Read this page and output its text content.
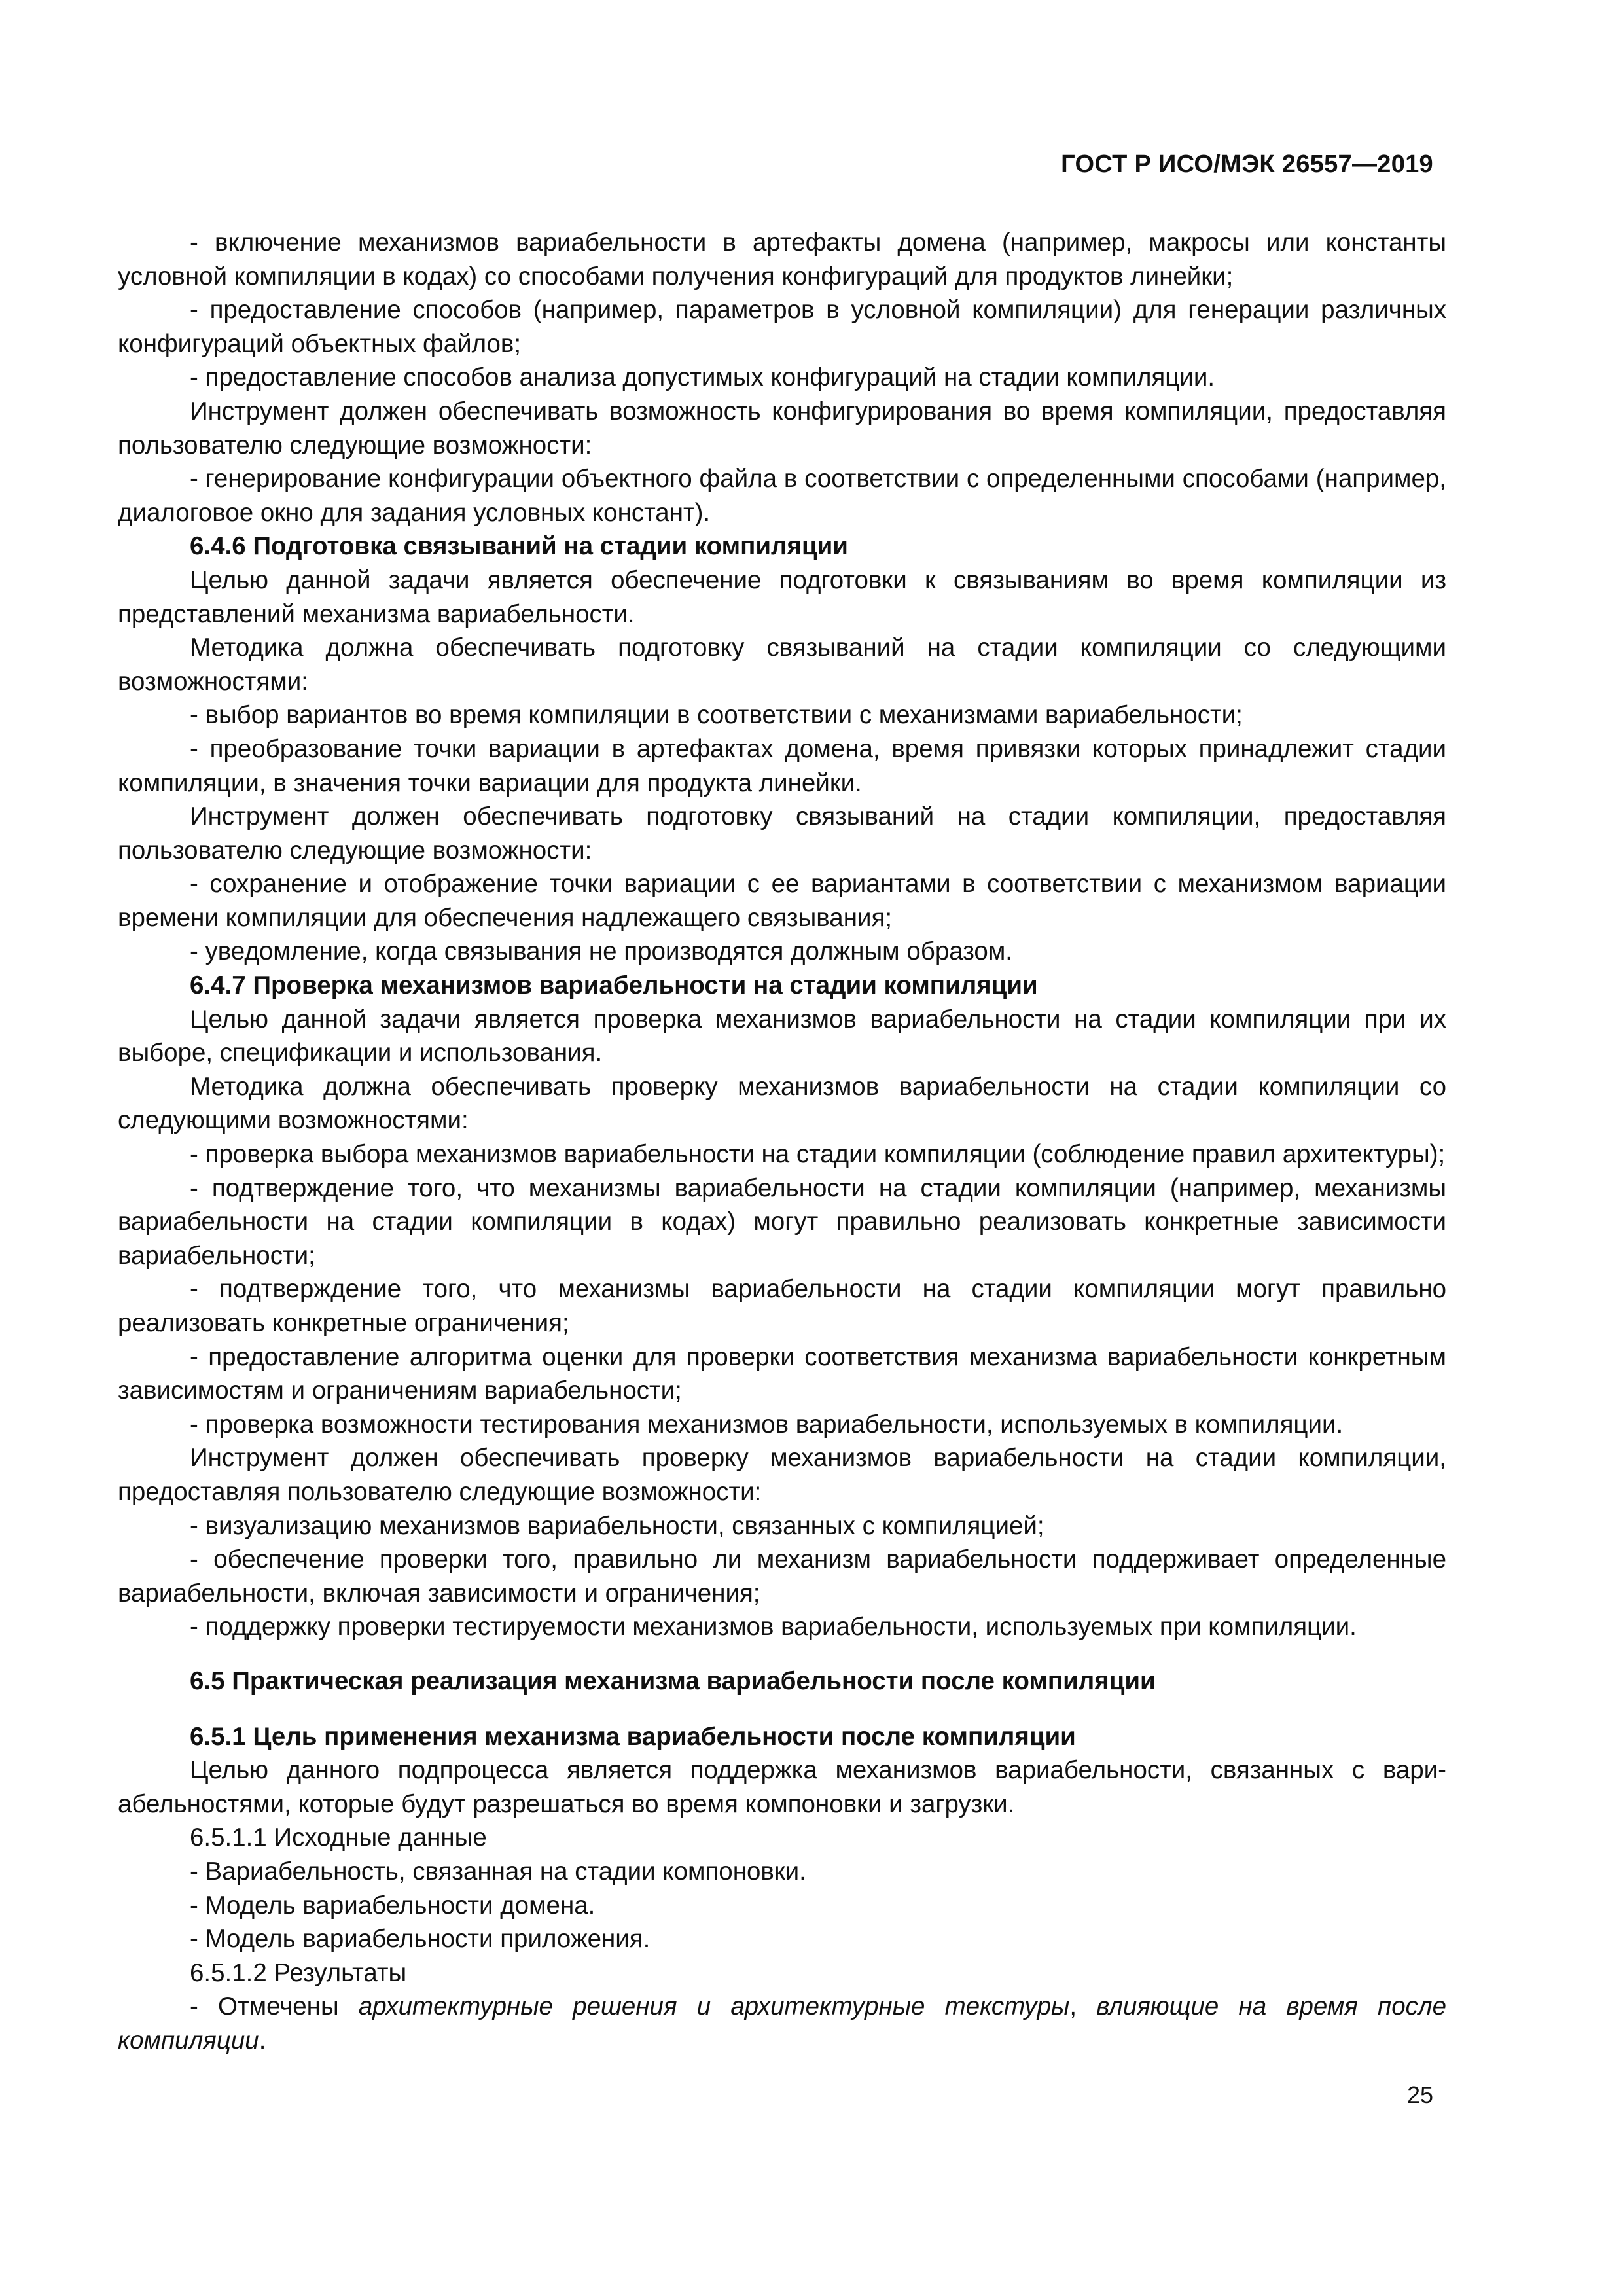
ГОСТ Р ИСО/МЭК 26557—2019

- включение механизмов вариабельности в артефакты домена (например, макросы или константы условной компиляции в кодах) со способами получения конфигураций для продуктов линейки;

- предоставление способов (например, параметров в условной компиляции) для генерации различных конфигураций объектных файлов;

- предоставление способов анализа допустимых конфигураций на стадии компиляции.

Инструмент должен обеспечивать возможность конфигурирования во время компиляции, предоставляя пользователю следующие возможности:

- генерирование конфигурации объектного файла в соответствии с определенными способами (например, диалоговое окно для задания условных констант).

6.4.6 Подготовка связываний на стадии компиляции

Целью данной задачи является обеспечение подготовки к связываниям во время компиляции из представлений механизма вариабельности.

Методика должна обеспечивать подготовку связываний на стадии компиляции со следующими возможностями:

- выбор вариантов во время компиляции в соответствии с механизмами вариабельности;

- преобразование точки вариации в артефактах домена, время привязки которых принадлежит стадии компиляции, в значения точки вариации для продукта линейки.

Инструмент должен обеспечивать подготовку связываний на стадии компиляции, предоставляя пользователю следующие возможности:

- сохранение и отображение точки вариации с ее вариантами в соответствии с механизмом вариации времени компиляции для обеспечения надлежащего связывания;

- уведомление, когда связывания не производятся должным образом.

6.4.7 Проверка механизмов вариабельности на стадии компиляции

Целью данной задачи является проверка механизмов вариабельности на стадии компиляции при их выборе, спецификации и использования.

Методика должна обеспечивать проверку механизмов вариабельности на стадии компиляции со следующими возможностями:

- проверка выбора механизмов вариабельности на стадии компиляции (соблюдение правил архитектуры);

- подтверждение того, что механизмы вариабельности на стадии компиляции (например, механизмы вариабельности на стадии компиляции в кодах) могут правильно реализовать конкретные зависимости вариабельности;

- подтверждение того, что механизмы вариабельности на стадии компиляции могут правильно реализовать конкретные ограничения;

- предоставление алгоритма оценки для проверки соответствия механизма вариабельности конкретным зависимостям и ограничениям вариабельности;

- проверка возможности тестирования механизмов вариабельности, используемых в компиляции.

Инструмент должен обеспечивать проверку механизмов вариабельности на стадии компиляции, предоставляя пользователю следующие возможности:

- визуализацию механизмов вариабельности, связанных с компиляцией;

- обеспечение проверки того, правильно ли механизм вариабельности поддерживает определенные вариабельности, включая зависимости и ограничения;

- поддержку проверки тестируемости механизмов вариабельности, используемых при компиляции.

6.5 Практическая реализация механизма вариабельности после компиляции

6.5.1 Цель применения механизма вариабельности после компиляции

Целью данного подпроцесса является поддержка механизмов вариабельности, связанных с вариабельностями, которые будут разрешаться во время компоновки и загрузки.

6.5.1.1 Исходные данные

- Вариабельность, связанная на стадии компоновки.

- Модель вариабельности домена.

- Модель вариабельности приложения.

6.5.1.2 Результаты

- Отмечены архитектурные решения и архитектурные текстуры, влияющие на время после компиляции.

25
